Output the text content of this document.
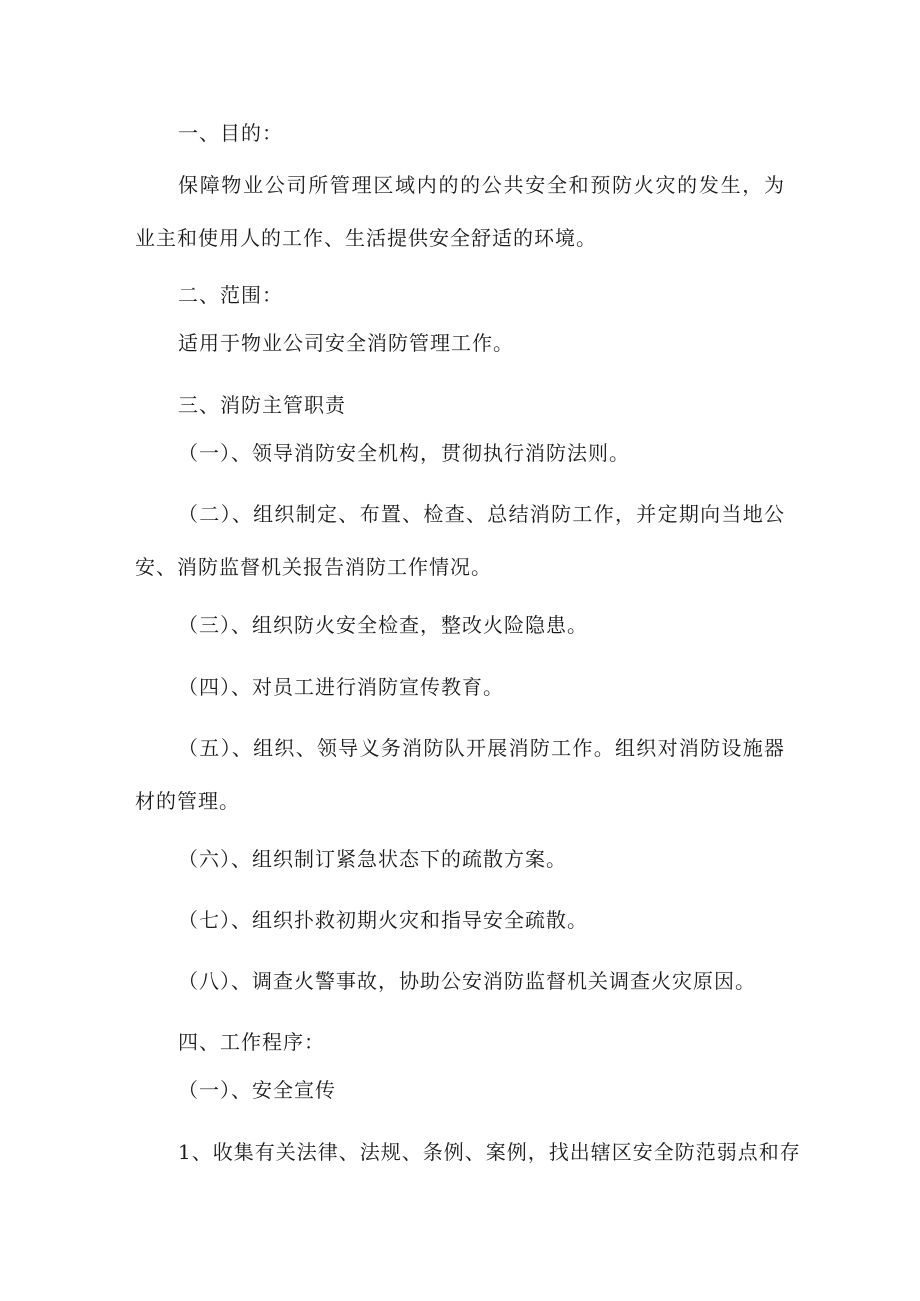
一、目的：
保障物业公司所管理区域内的的公共安全和预防火灾的发生，为业主和使用人的工作、生活提供安全舒适的环境。
二、范围：
适用于物业公司安全消防管理工作。
三、消防主管职责
（一）、领导消防安全机构，贯彻执行消防法则。
（二）、组织制定、布置、检查、总结消防工作，并定期向当地公安、消防监督机关报告消防工作情况。
（三）、组织防火安全检查，整改火险隐患。
（四）、对员工进行消防宣传教育。
（五）、组织、领导义务消防队开展消防工作。组织对消防设施器材的管理。
（六）、组织制订紧急状态下的疏散方案。
（七）、组织扑救初期火灾和指导安全疏散。
（八）、调查火警事故，协助公安消防监督机关调查火灾原因。
四、工作程序：
（一）、安全宣传
1、收集有关法律、法规、条例、案例，找出辖区安全防范弱点和存
